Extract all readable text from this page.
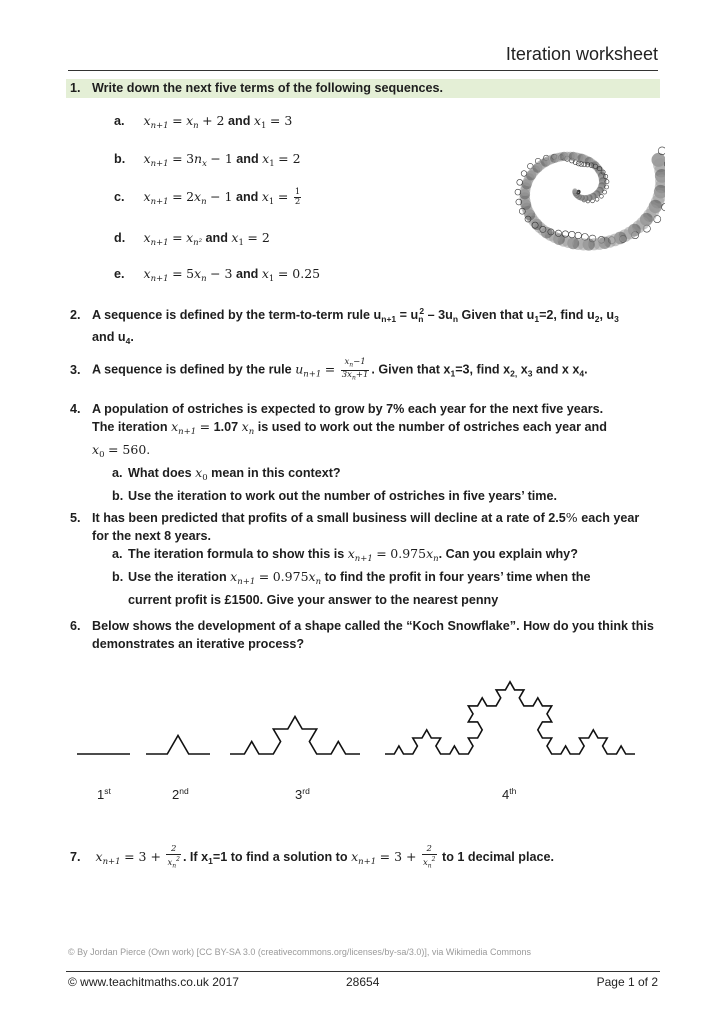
Iteration worksheet
1. Write down the next five terms of the following sequences.
a. $x_{n+1} = x_n + 2$ and $x_1 = 3$
b. $x_{n+1} = 3n_x - 1$ and $x_1 = 2$
c. $x_{n+1} = 2x_n - 1$ and $x_1 = \frac{1}{2}$
d. $x_{n+1} = x_{n^2}$ and $x_1 = 2$
e. $x_{n+1} = 5x_n - 3$ and $x_1 = 0.25$
2. A sequence is defined by the term-to-term rule $u_{n+1} = u_n^2 - 3u_n$ Given that $u_1=2$, find $u_2$, $u_3$
and $u_4$.
3. A sequence is defined by the rule $u_{n+1} = \frac{x_n-1}{3x_n+1}$ . Given that $x_1=3$, find $x_{2,}$ $x_3$ and x $x_4$.
4. A population of ostriches is expected to grow by 7% each year for the next five years.
The iteration $x_{n+1} = 1.07$ $x_n$ is used to work out the number of ostriches each year and
$x_0 = 560$.
a. What does $x_0$ mean in this context?
b. Use the iteration to work out the number of ostriches in five years’ time.
5. It has been predicted that profits of a small business will decline at a rate of 2.5% each year
for the next 8 years.
a. The iteration formula to show this is $x_{n+1} = 0.975x_n$. Can you explain why?
b. Use the iteration $x_{n+1} = 0.975x_n$ to find the profit in four years’ time when the
current profit is £1500. Give your answer to the nearest penny
6. Below shows the development of a shape called the “Koch Snowflake”. How do you think this
demonstrates an iterative process?
1st	2nd	3rd	4th
7. $x_{n+1} = 3 + \frac{2}{x_n^2}$ . If $x_1=1$ to find a solution to $x_{n+1} = 3 + \frac{2}{x_n^2}$ to 1 decimal place.
© By Jordan Pierce (Own work) [CC BY-SA 3.0 (creativecommons.org/licenses/by-sa/3.0)], via Wikimedia Commons
© www.teachitmaths.co.uk 2017	28654	Page 1 of 2
